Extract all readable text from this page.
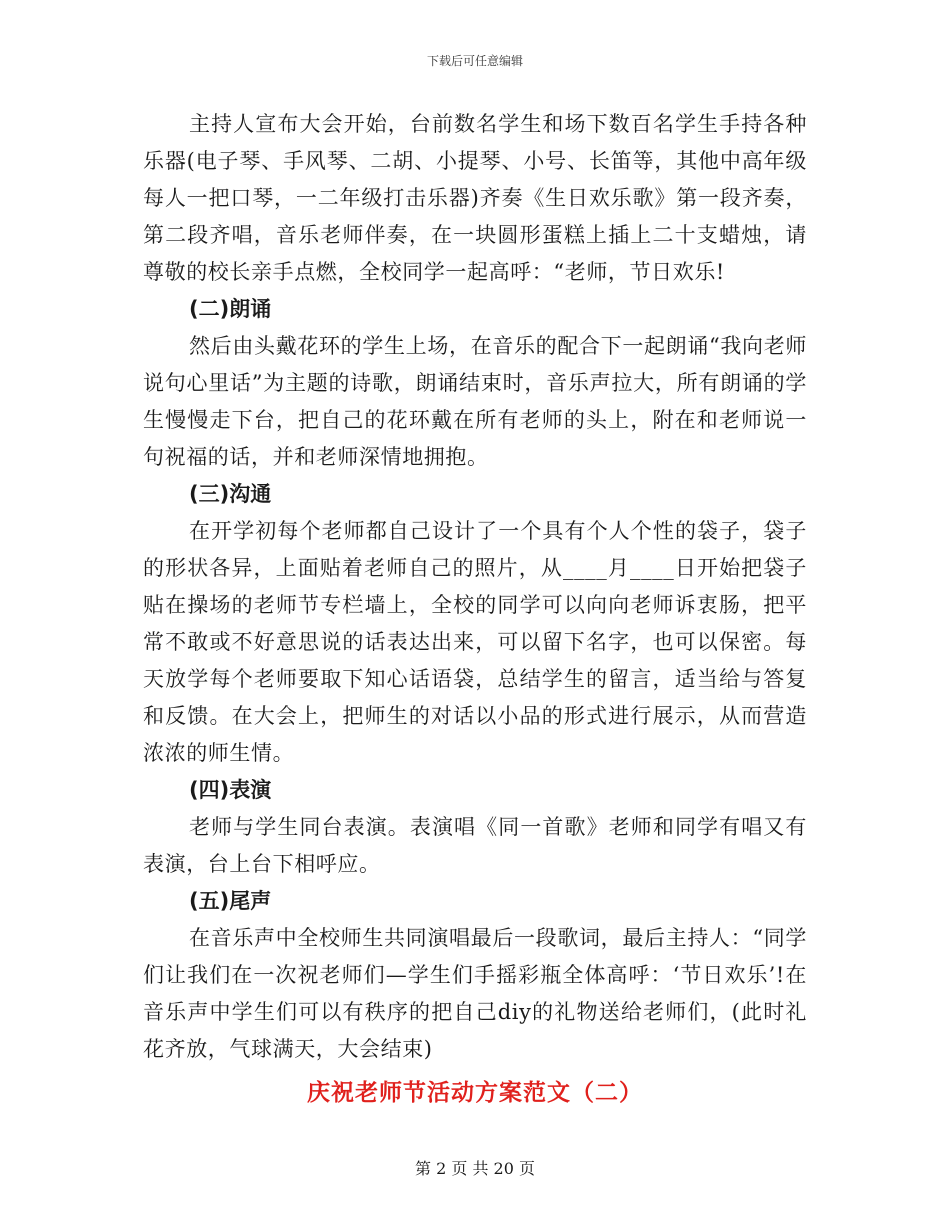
下载后可任意编辑

主持人宣布大会开始，台前数名学生和场下数百名学生手持各种乐器(电子琴、手风琴、二胡、小提琴、小号、长笛等，其他中高年级每人一把口琴，一二年级打击乐器)齐奏《生日欢乐歌》第一段齐奏，第二段齐唱，音乐老师伴奏，在一块圆形蛋糕上插上二十支蜡烛，请尊敬的校长亲手点燃，全校同学一起高呼：“老师，节日欢乐!

(二)朗诵

然后由头戴花环的学生上场，在音乐的配合下一起朗诵“我向老师说句心里话”为主题的诗歌，朗诵结束时，音乐声拉大，所有朗诵的学生慢慢走下台，把自己的花环戴在所有老师的头上，附在和老师说一句祝福的话，并和老师深情地拥抱。

(三)沟通

在开学初每个老师都自己设计了一个具有个人个性的袋子，袋子的形状各异，上面贴着老师自己的照片，从____月____日开始把袋子贴在操场的老师节专栏墙上，全校的同学可以向向老师诉衷肠，把平常不敢或不好意思说的话表达出来，可以留下名字，也可以保密。每天放学每个老师要取下知心话语袋，总结学生的留言，适当给与答复和反馈。在大会上，把师生的对话以小品的形式进行展示，从而营造浓浓的师生情。

(四)表演

老师与学生同台表演。表演唱《同一首歌》老师和同学有唱又有表演，台上台下相呼应。

(五)尾声

在音乐声中全校师生共同演唱最后一段歌词，最后主持人：“同学们让我们在一次祝老师们—学生们手摇彩瓶全体高呼：‘节日欢乐’!在音乐声中学生们可以有秩序的把自己diy的礼物送给老师们，(此时礼花齐放，气球满天，大会结束)

庆祝老师节活动方案范文（二）

第 2 页 共 20 页
